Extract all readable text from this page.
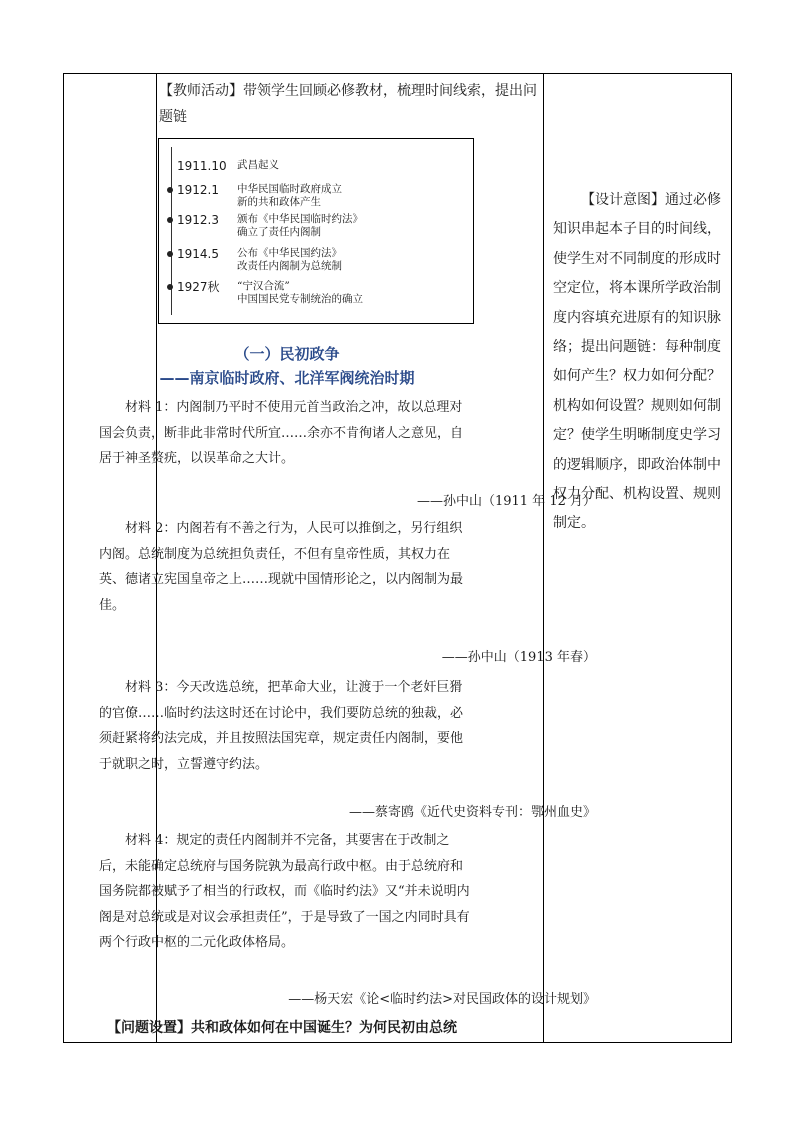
【教师活动】带领学生回顾必修教材，梳理时间线索，提出问题链

【设计意图】通过必修知识串起本子目的时间线，使学生对不同制度的形成时空定位，将本课所学政治制度内容填充进原有的知识脉络；提出问题链：每种制度如何产生？权力如何分配？机构如何设置？规则如何制定？使学生明晰制度史学习的逻辑顺序，即政治体制中权力分配、机构设置、规则制定。

1911.10 武昌起义
1912.1	中华民国临时政府成立
新的共和政体产生
1912.3	颁布《中华民国临时约法》
确立了责任内阁制
1914.5	公布《中华民国约法》
改责任内阁制为总统制
1927秋	“宁汉合流”
中国国民党专制统治的确立
（一）民初政争
——南京临时政府、北洋军阀统治时期

材料 1：内阁制乃平时不使用元首当政治之冲，故以总理对国会负责，断非此非常时代所宜……余亦不肯徇诸人之意见，自居于神圣赘疣，以误革命之大计。

——孙中山（1911 年 12 月）

材料 2：内阁若有不善之行为，人民可以推倒之，另行组织内阁。总统制度为总统担负责任，不但有皇帝性质，其权力在英、德诸立宪国皇帝之上……现就中国情形论之，以内阁制为最佳。

——孙中山（1913 年春）

材料 3：今天改选总统，把革命大业，让渡于一个老奸巨猾的官僚……临时约法这时还在讨论中，我们要防总统的独裁，必须赶紧将约法完成，并且按照法国宪章，规定责任内阁制，要他于就职之时，立誓遵守约法。

——蔡寄鸥《近代史资料专刊：鄂州血史》

材料 4：规定的责任内阁制并不完备，其要害在于改制之后，未能确定总统府与国务院孰为最高行政中枢。由于总统府和国务院都被赋予了相当的行政权，而《临时约法》又“并未说明内阁是对总统或是对议会承担责任”，于是导致了一国之内同时具有两个行政中枢的二元化政体格局。

——杨天宏《论<临时约法>对民国政体的设计规划》
【问题设置】共和政体如何在中国诞生？为何民初由总统
